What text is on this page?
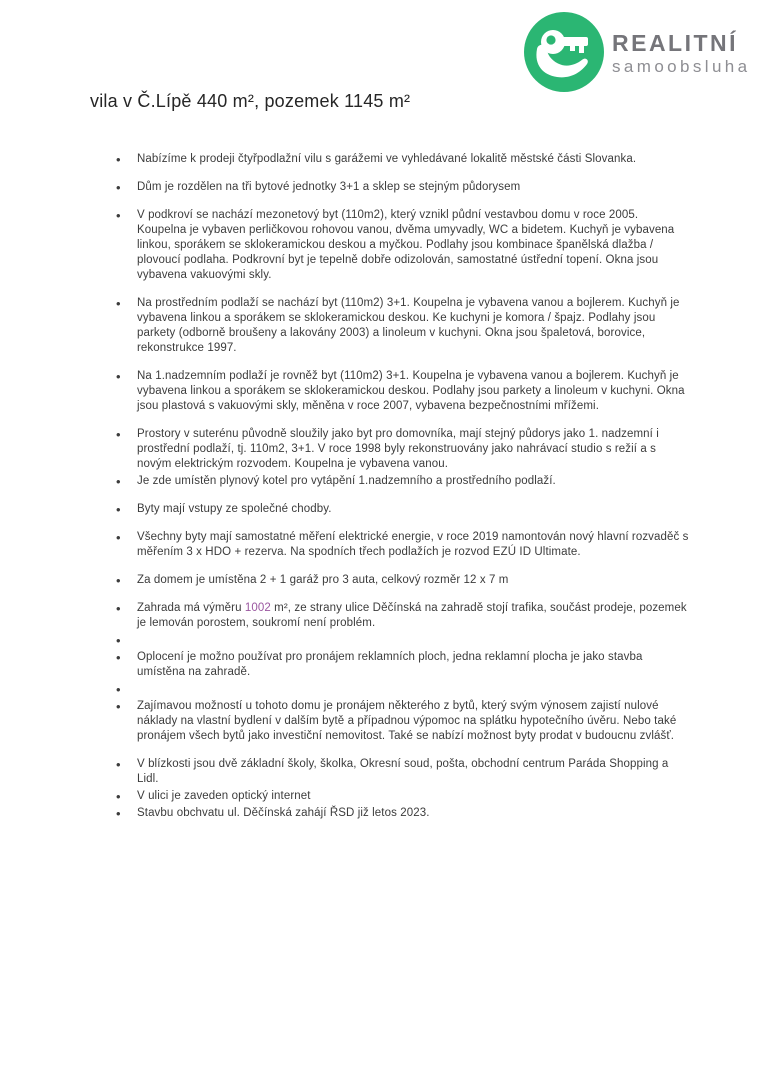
REALITNÍ
samoobsluha
vila v Č.Lípě 440 m², pozemek 1145 m²
• Nabízíme k prodeji čtyřpodlažní vilu s garážemi ve vyhledávané lokalitě městské části Slovanka.
• Dům je rozdělen na tři bytové jednotky 3+1 a sklep se stejným půdorysem
• V podkroví se nachází mezonetový byt (110m2), který vznikl půdní vestavbou domu v roce 2005. Koupelna je vybaven perličkovou rohovou vanou, dvěma umyvadly, WC a bidetem. Kuchyň je vybavena linkou, sporákem se sklokeramickou deskou a myčkou. Podlahy jsou kombinace španělská dlažba / plovoucí podlaha. Podkrovní byt je tepelně dobře odizolován, samostatné ústřední topení. Okna jsou vybavena vakuovými skly.
• Na prostředním podlaží se nachází byt (110m2) 3+1. Koupelna je vybavena vanou a bojlerem. Kuchyň je vybavena linkou a sporákem se sklokeramickou deskou. Ke kuchyni je komora / špajz. Podlahy jsou parkety (odborně broušeny a lakovány 2003) a linoleum v kuchyni. Okna jsou špaletová, borovice, rekonstrukce 1997.
• Na 1.nadzemním podlaží je rovněž byt (110m2) 3+1. Koupelna je vybavena vanou a bojlerem. Kuchyň je vybavena linkou a sporákem se sklokeramickou deskou. Podlahy jsou parkety a linoleum v kuchyni. Okna jsou plastová s vakuovými skly, měněna v roce 2007, vybavena bezpečnostními mřížemi.
• Prostory v suterénu původně sloužily jako byt pro domovníka, mají stejný půdorys jako 1. nadzemní i prostřední podlaží, tj. 110m2, 3+1. V roce 1998 byly rekonstruovány jako nahrávací studio s režií a s novým elektrickým rozvodem. Koupelna je vybavena vanou.
• Je zde umístěn plynový kotel pro vytápění 1.nadzemního a prostředního podlaží.
• Byty mají vstupy ze společné chodby.
• Všechny byty mají samostatné měření elektrické energie, v roce 2019 namontován nový hlavní rozvaděč s měřením 3 x HDO + rezerva. Na spodních třech podlažích je rozvod EZÚ ID Ultimate.
• Za domem je umístěna 2 + 1 garáž pro 3 auta, celkový rozměr 12 x 7 m
• Zahrada má výměru 1002 m², ze strany ulice Děčínská na zahradě stojí trafika, součást prodeje, pozemek je lemován porostem, soukromí není problém.
•
• Oplocení je možno používat pro pronájem reklamních ploch, jedna reklamní plocha je jako stavba umístěna na zahradě.
•
• Zajímavou možností u tohoto domu je pronájem některého z bytů, který svým výnosem zajistí nulové náklady na vlastní bydlení v dalším bytě a případnou výpomoc na splátku hypotečního úvěru. Nebo také pronájem všech bytů jako investiční nemovitost. Také se nabízí možnost byty prodat v budoucnu zvlášť.
• V blízkosti jsou dvě základní školy, školka, Okresní soud, pošta, obchodní centrum Paráda Shopping a Lidl.
• V ulici je zaveden optický internet
• Stavbu obchvatu ul. Děčínská zahájí ŘSD již letos 2023.
